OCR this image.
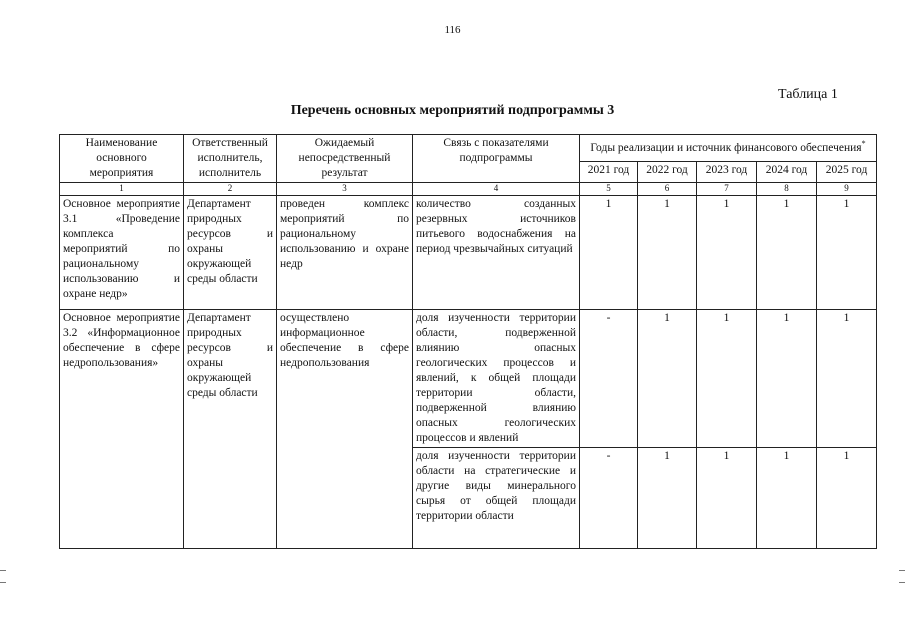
116
Таблица 1
Перечень основных мероприятий подпрограммы 3
Наименование основного мероприятия	Ответственный исполнитель, исполнитель	Ожидаемый непосредственный результат	Связь с показателями подпрограммы	Годы реализации и источник финансового обеспечения*
				2021 год	2022 год	2023 год	2024 год	2025 год
1	2	3	4	5	6	7	8	9
Основное мероприятие 3.1 «Проведение комплекса мероприятий по рациональному использованию и охране недр»	Департамент природных ресурсов и охраны окружающей среды области	проведен комплекс мероприятий по рациональному использованию и охране недр	количество созданных резервных источников питьевого водоснабжения на период чрезвычайных ситуаций	1	1	1	1	1
Основное мероприятие 3.2 «Информационное обеспечение в сфере недропользования»	Департамент природных ресурсов и охраны окружающей среды области	осуществлено информационное обеспечение в сфере недропользования	доля изученности территории области, подверженной влиянию опасных геологических процессов и явлений, к общей площади территории области, подверженной влиянию опасных геологических процессов и явлений	-	1	1	1	1
			доля изученности территории области на стратегические и другие виды минерального сырья от общей площади территории области	-	1	1	1	1
